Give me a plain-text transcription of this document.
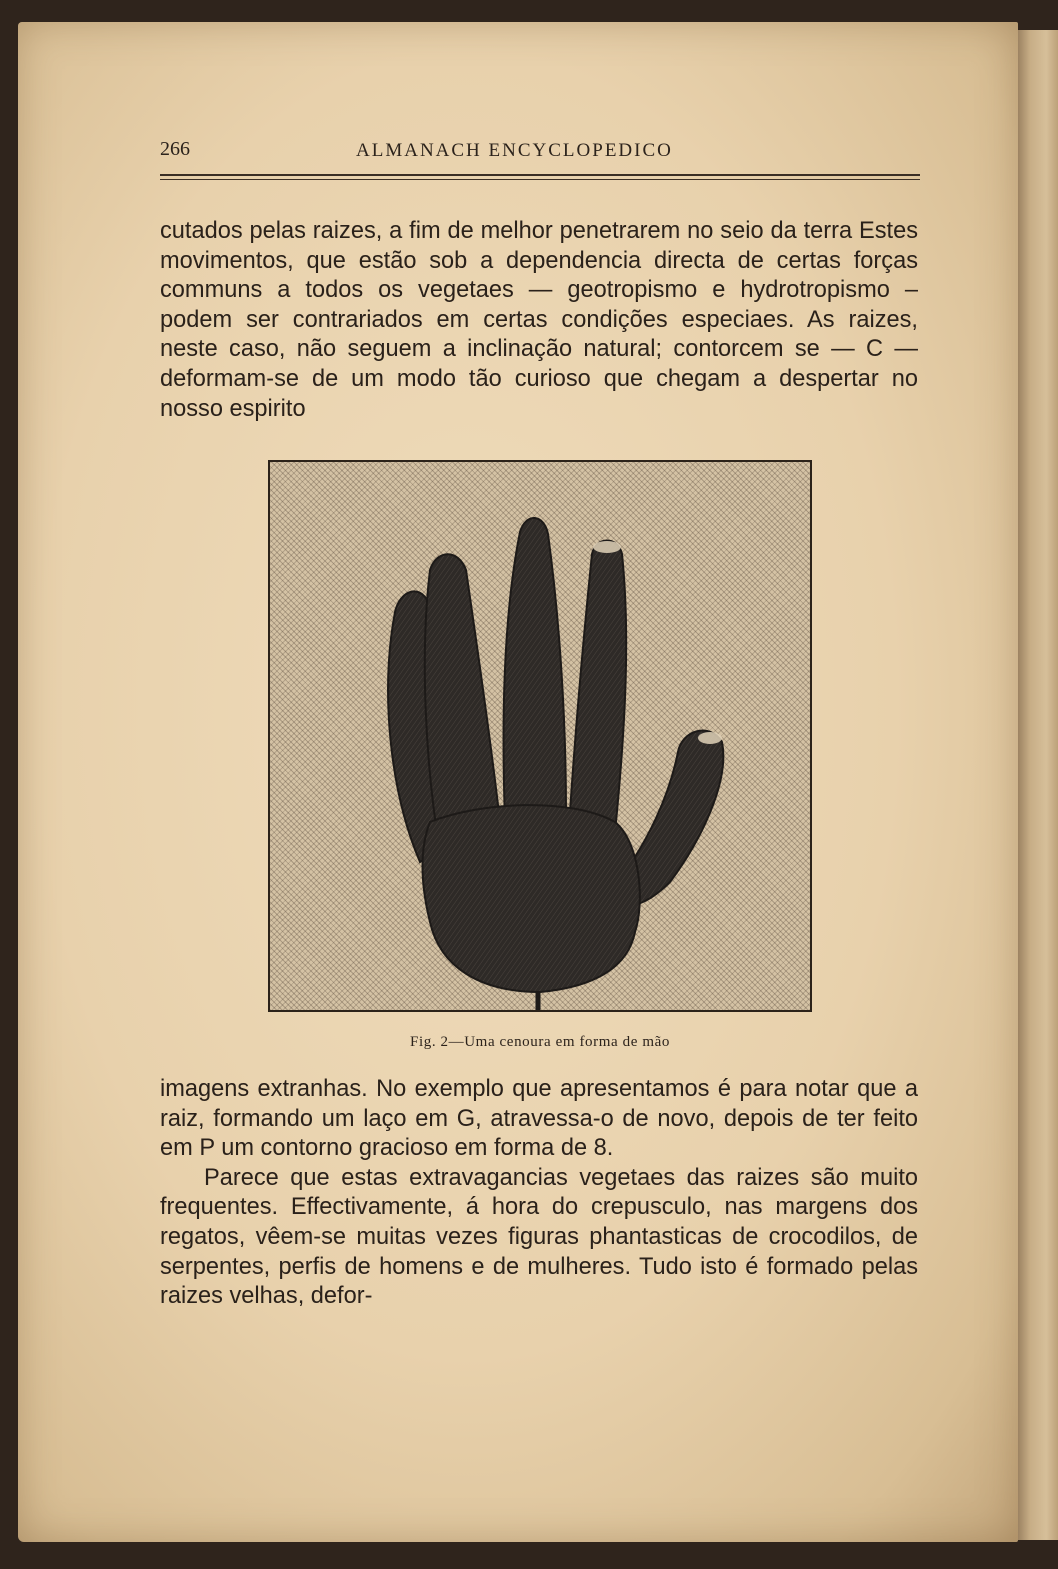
266	ALMANACH ENCYCLOPEDICO

cutados pelas raizes, a fim de melhor penetrarem no seio da terra Estes movimentos, que estão sob a dependencia directa de certas forças communs a todos os vegetaes — geotropismo e hydrotropismo – podem ser contrariados em certas condições especiaes. As raizes, neste caso, não seguem a inclinação natural; contorcem se — C — deformam-se de um modo tão curioso que chegam a despertar no nosso espirito

Fig. 2—Uma cenoura em forma de mão

imagens extranhas. No exemplo que apresentamos é para notar que a raiz, formando um laço em G, atravessa-o de novo, depois de ter feito em P um contorno gracioso em forma de 8.

Parece que estas extravagancias vegetaes das raizes são muito frequentes. Effectivamente, á hora do crepusculo, nas margens dos regatos, vêem-se muitas vezes figuras phantasticas de crocodilos, de serpentes, perfis de homens e de mulheres. Tudo isto é formado pelas raizes velhas, defor-
